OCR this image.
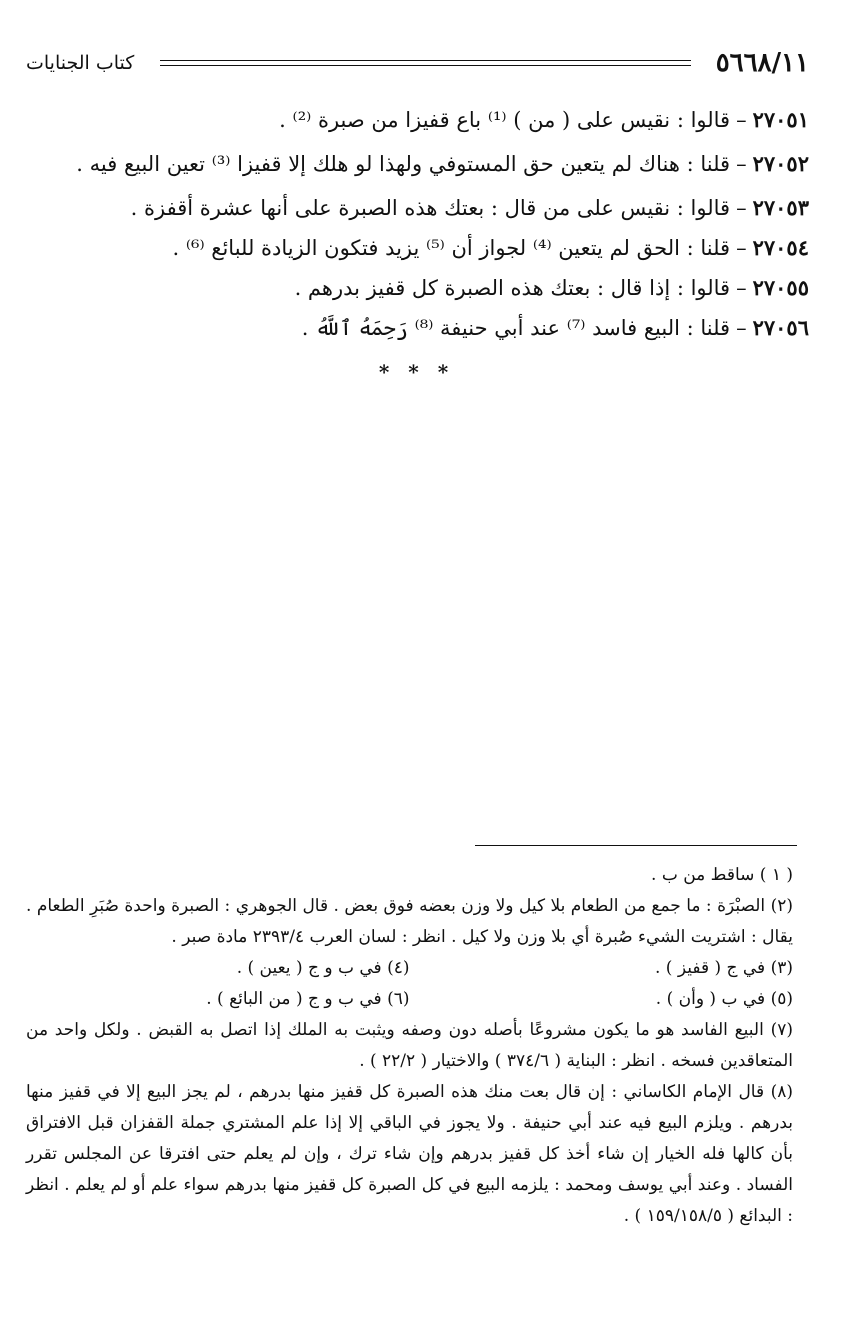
٥٦٦٨/١١
كتاب الجنايات
٢٧٠٥١–قالوا : نقيس على ( من ) ⁽¹⁾ باع قفيزا من صبرة ⁽²⁾ .
٢٧٠٥٢–قلنا : هناك لم يتعين حق المستوفي ولهذا لو هلك إلا قفيزا ⁽³⁾ تعين البيع فيه .
٢٧٠٥٣–قالوا : نقيس على من قال : بعتك هذه الصبرة على أنها عشرة أقفزة .
٢٧٠٥٤–قلنا : الحق لم يتعين ⁽⁴⁾ لجواز أن ⁽⁵⁾ يزيد فتكون الزيادة للبائع ⁽⁶⁾ .
٢٧٠٥٥–قالوا : إذا قال : بعتك هذه الصبرة كل قفيز بدرهم .
٢٧٠٥٦–قلنا : البيع فاسد ⁽⁷⁾ عند أبي حنيفة ⁽⁸⁾ رَحِمَهُ ٱللَّهُ .
* * *
( ١ ) ساقط من ب .
(٢) الصبْرَة : ما جمع من الطعام بلا كيل ولا وزن بعضه فوق بعض . قال الجوهري : الصبرة واحدة صُبَرِ الطعام . يقال : اشتريت الشيء صُبرة أي بلا وزن ولا كيل . انظر : لسان العرب ٢٣٩٣/٤ مادة صبر .
(٣) في ج ( قفيز ) .
(٤) في ب و ج ( يعين ) .
(٥) في ب ( وأن ) .
(٦) في ب و ج ( من البائع ) .
(٧) البيع الفاسد هو ما يكون مشروعًا بأصله دون وصفه ويثبت به الملك إذا اتصل به القبض . ولكل واحد من المتعاقدين فسخه . انظر : البناية ( ٣٧٤/٦ ) والاختيار ( ٢٢/٢ ) .
(٨) قال الإمام الكاساني : إن قال بعت منك هذه الصبرة كل قفيز منها بدرهم ، لم يجز البيع إلا في قفيز منها بدرهم . ويلزم البيع فيه عند أبي حنيفة . ولا يجوز في الباقي إلا إذا علم المشتري جملة القفزان قبل الافتراق بأن كالها فله الخيار إن شاء أخذ كل قفيز بدرهم وإن شاء ترك ، وإن لم يعلم حتى افترقا عن المجلس تقرر الفساد . وعند أبي يوسف ومحمد : يلزمه البيع في كل الصبرة كل قفيز منها بدرهم سواء علم أو لم يعلم . انظر : البدائع ( ١٥٩/١٥٨/٥ ) .
